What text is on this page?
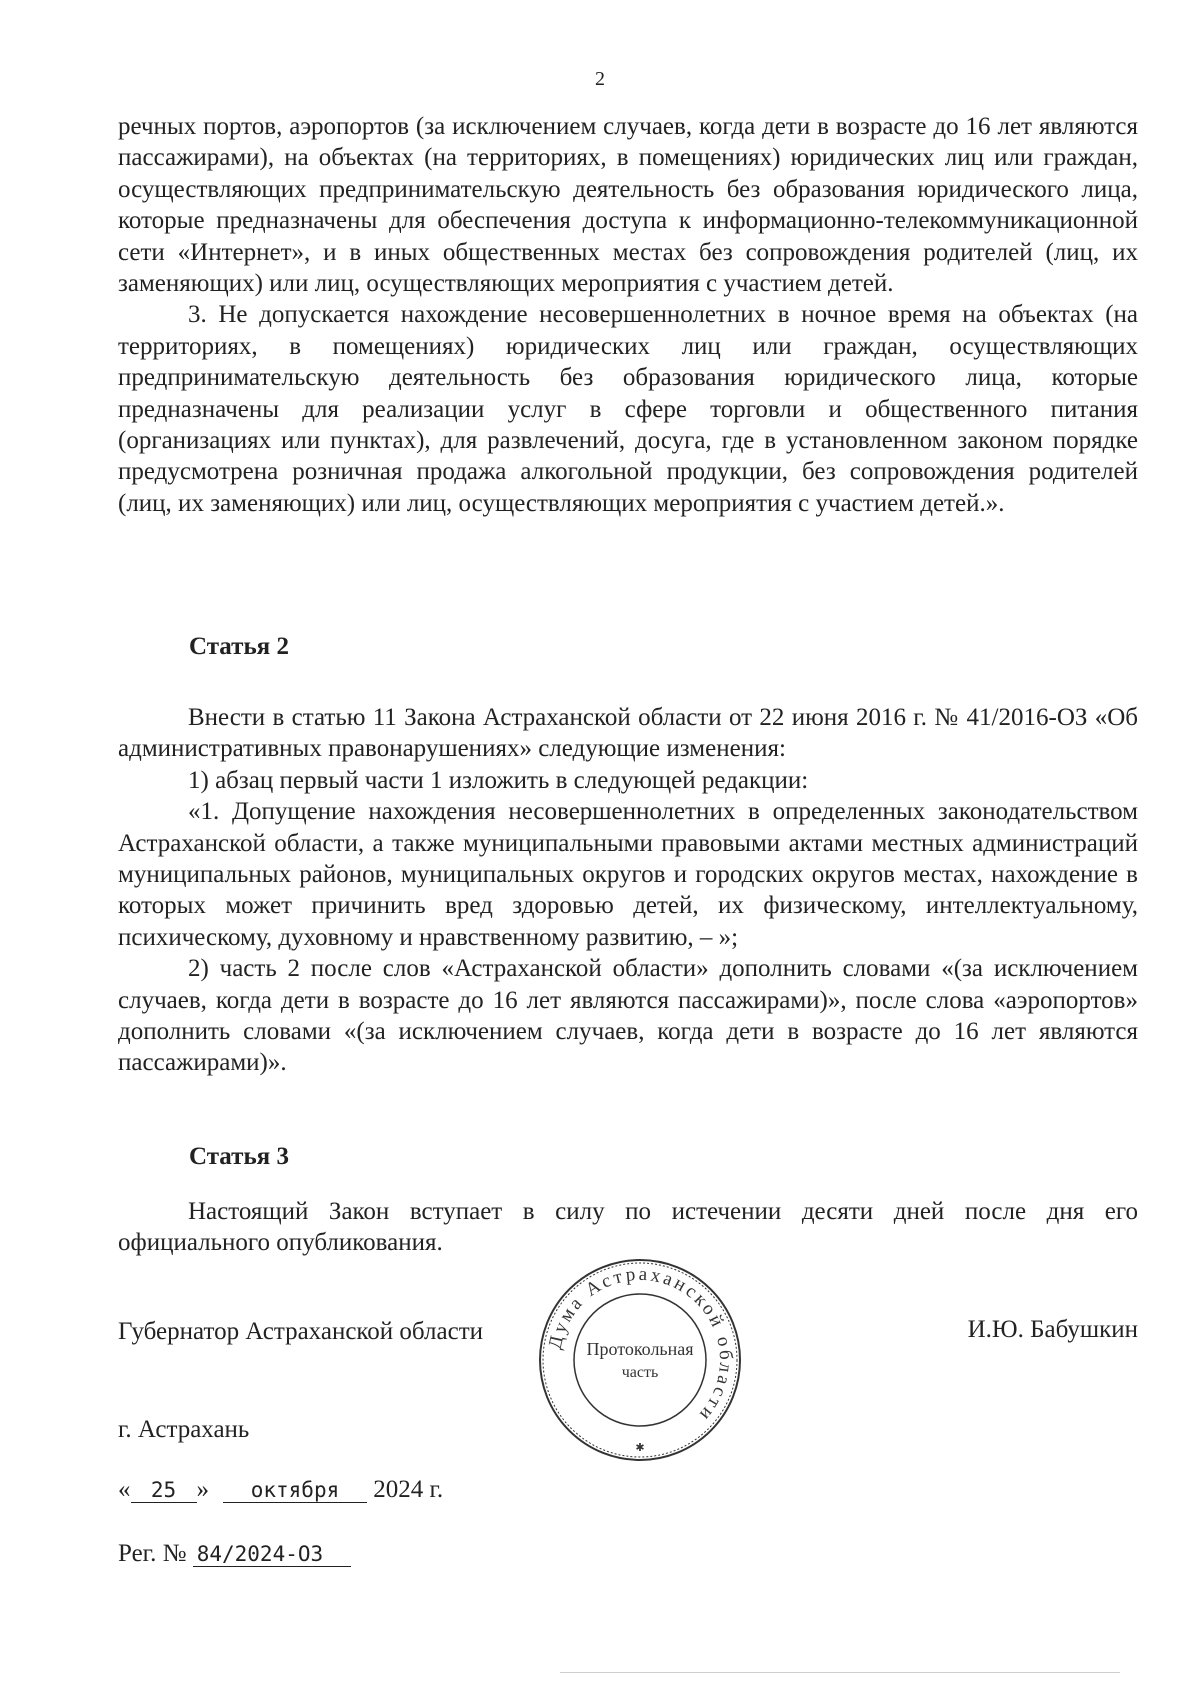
2

речных портов, аэропортов (за исключением случаев, когда дети в возрасте до 16 лет являются пассажирами), на объектах (на территориях, в помещениях) юридических лиц или граждан, осуществляющих предпринимательскую деятельность без образования юридического лица, которые предназначены для обеспечения доступа к информационно-телекоммуникационной сети «Интернет», и в иных общественных местах без сопровождения родителей (лиц, их заменяющих) или лиц, осуществляющих мероприятия с участием детей.

3. Не допускается нахождение несовершеннолетних в ночное время на объектах (на территориях, в помещениях) юридических лиц или граждан, осуществляющих предпринимательскую деятельность без образования юридического лица, которые предназначены для реализации услуг в сфере торговли и общественного питания (организациях или пунктах), для развлечений, досуга, где в установленном законом порядке предусмотрена розничная продажа алкогольной продукции, без сопровождения родителей (лиц, их заменяющих) или лиц, осуществляющих мероприятия с участием детей.».

Статья 2

Внести в статью 11 Закона Астраханской области от 22 июня 2016 г. № 41/2016-ОЗ «Об административных правонарушениях» следующие изменения:

1) абзац первый части 1 изложить в следующей редакции:

«1. Допущение нахождения несовершеннолетних в определенных законодательством Астраханской области, а также муниципальными правовыми актами местных администраций муниципальных районов, муниципальных округов и городских округов местах, нахождение в которых может причинить вред здоровью детей, их физическому, интеллектуальному, психическому, духовному и нравственному развитию, – »;

2) часть 2 после слов «Астраханской области» дополнить словами «(за исключением случаев, когда дети в возрасте до 16 лет являются пассажирами)», после слова «аэропортов» дополнить словами «(за исключением случаев, когда дети в возрасте до 16 лет являются пассажирами)».

Статья 3

Настоящий Закон вступает в силу по истечении десяти дней после дня его официального опубликования.

Губернатор Астраханской области	И.Ю. Бабушкин
Дума Астраханской области
Протокольная
часть
✱
г. Астрахань
« 25 » октября 2024 г.
Рег. № 84/2024-ОЗ
